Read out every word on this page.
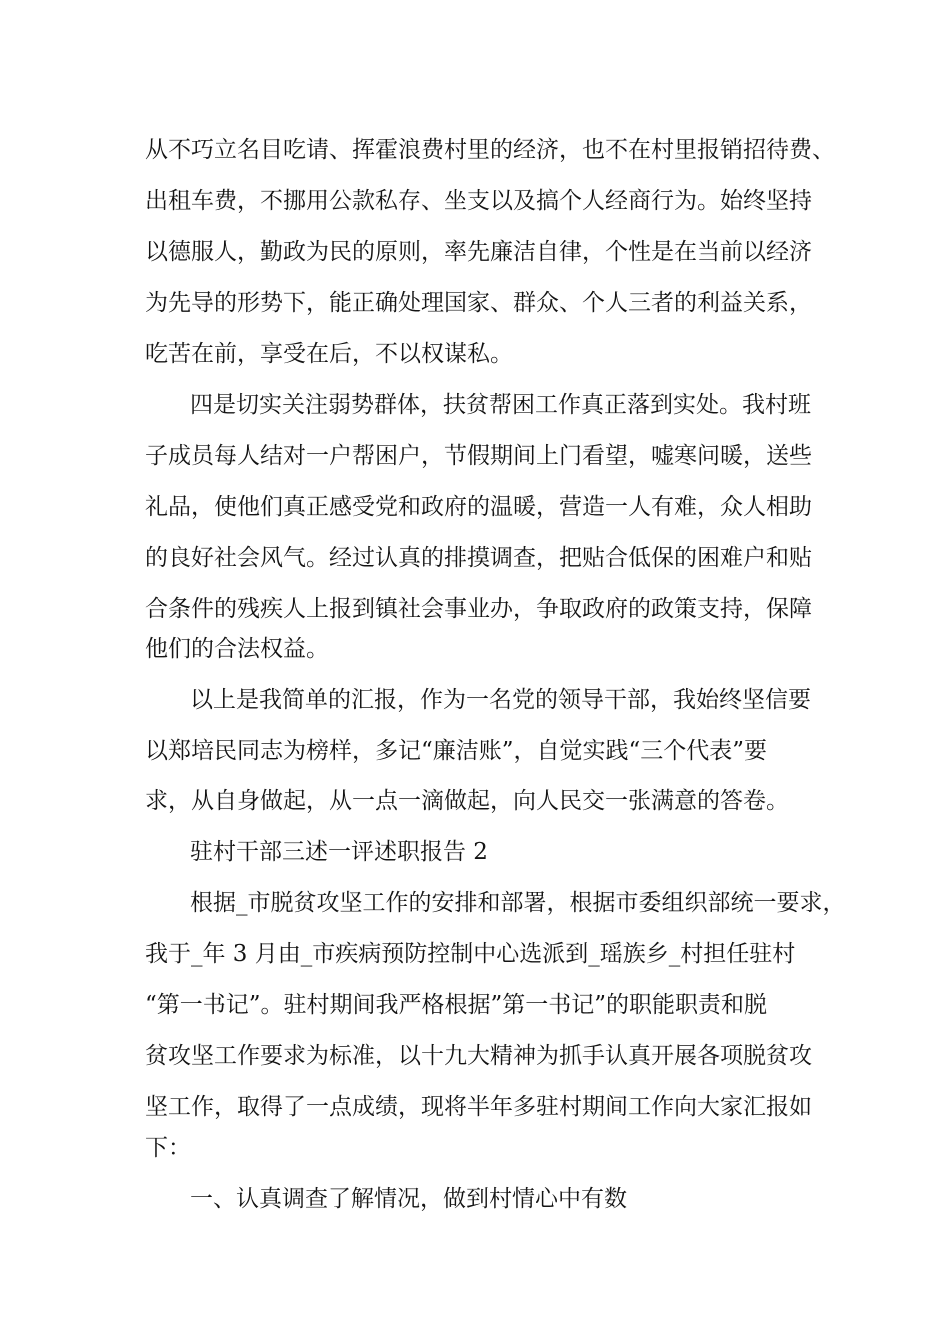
从不巧立名目吃请、挥霍浪费村里的经济，也不在村里报销招待费、
出租车费，不挪用公款私存、坐支以及搞个人经商行为。始终坚持
以德服人，勤政为民的原则，率先廉洁自律，个性是在当前以经济
为先导的形势下，能正确处理国家、群众、个人三者的利益关系，
吃苦在前，享受在后，不以权谋私。
四是切实关注弱势群体，扶贫帮困工作真正落到实处。我村班
子成员每人结对一户帮困户，节假期间上门看望，嘘寒问暖，送些
礼品，使他们真正感受党和政府的温暖，营造一人有难，众人相助
的良好社会风气。经过认真的排摸调查，把贴合低保的困难户和贴
合条件的残疾人上报到镇社会事业办，争取政府的政策支持，保障
他们的合法权益。
以上是我简单的汇报，作为一名党的领导干部，我始终坚信要
以郑培民同志为榜样，多记“廉洁账”，自觉实践“三个代表”要
求，从自身做起，从一点一滴做起，向人民交一张满意的答卷。
驻村干部三述一评述职报告 2
根据_市脱贫攻坚工作的安排和部署，根据市委组织部统一要求，
我于_年 3 月由_市疾病预防控制中心选派到_瑶族乡_村担任驻村
“第一书记”。驻村期间我严格根据”第一书记”的职能职责和脱
贫攻坚工作要求为标准，以十九大精神为抓手认真开展各项脱贫攻
坚工作，取得了一点成绩，现将半年多驻村期间工作向大家汇报如
下：
一、认真调查了解情况，做到村情心中有数
